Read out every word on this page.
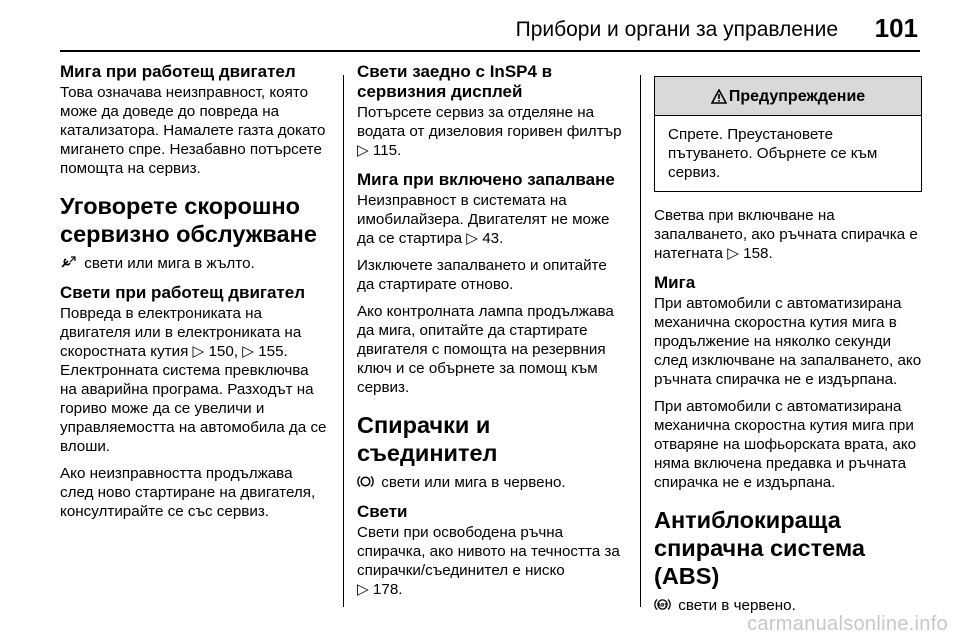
Прибори и органи за управление 101
Мига при работещ двигател

Това означава неизправност, която може да доведе до повреда на катализатора. Намалете газта докато мигането спре. Незабавно потърсете помощта на сервиз.

Уговорете скорошно сервизно обслужване

свети или мига в жълто.

Свети при работещ двигател

Повреда в електрониката на двигателя или в електрониката на скоростната кутия ▷ 150, ▷ 155.
Електронната система превключва на аварийна програма. Разходът на гориво може да се увеличи и управляемостта на автомобила да се влоши.

Ако неизправността продължава след ново стартиране на двигателя, консултирайте се със сервиз.

Свети заедно с InSP4 в сервизния дисплей

Потърсете сервиз за отделяне на водата от дизеловия горивен филтър ▷ 115.

Мига при включено запалване

Неизправност в системата на имобилайзера. Двигателят не може да се стартира ▷ 43.

Изключете запалването и опитайте да стартирате отново.

Ако контролната лампа продължава да мига, опитайте да стартирате двигателя с помощта на резервния ключ и се обърнете за помощ към сервиз.

Спирачки и съединител

свети или мига в червено.

Свети

Свети при освободена ръчна спирачка, ако нивото на течността за спирачки/съединител е ниско
▷ 178.

Предупреждение

Спрете. Преустановете пътуването. Обърнете се към сервиз.

Светва при включване на запалването, ако ръчната спирачка е натегната ▷ 158.

Мига

При автомобили с автоматизирана механична скоростна кутия мига в продължение на няколко секунди след изключване на запалването, ако ръчната спирачка не е издърпана.

При автомобили с автоматизирана механична скоростна кутия мига при отваряне на шофьорската врата, ако няма включена предавка и ръчната спирачка не е издърпана.

Антиблокираща спирачна система (ABS)

ABS свети в червено.

carmanualsonline.info
